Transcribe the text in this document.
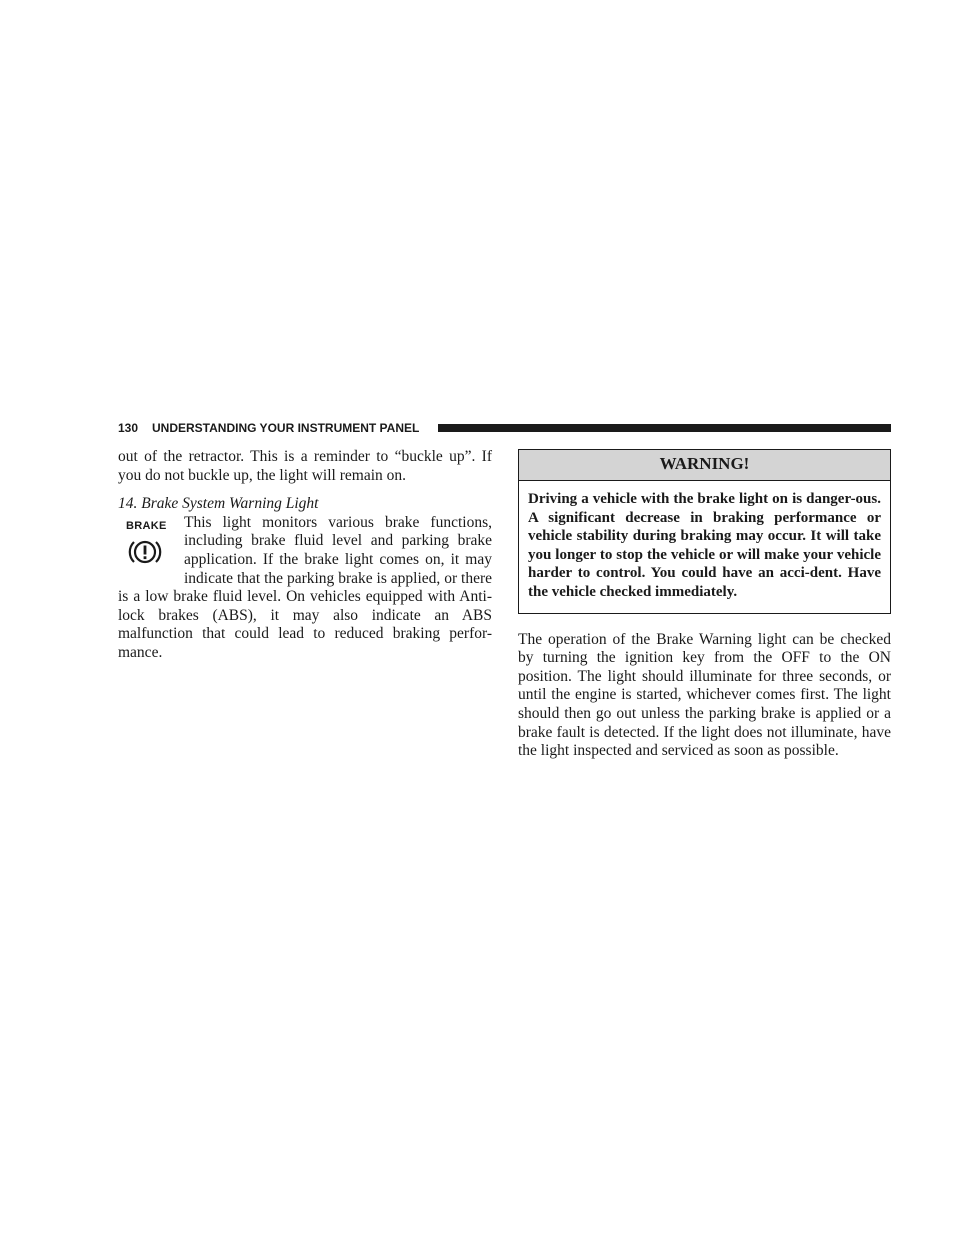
130 UNDERSTANDING YOUR INSTRUMENT PANEL

out of the retractor. This is a reminder to “buckle up”. If you do not buckle up, the light will remain on.

14. Brake System Warning Light
BRAKE	This light monitors various brake functions, including brake fluid level and parking brake application. If the brake light comes on, it may indicate that the parking brake is applied, or there is a low brake fluid level. On vehicles equipped with Anti-lock brakes (ABS), it may also indicate an ABS malfunction that could lead to reduced braking perfor-mance.

WARNING!

Driving a vehicle with the brake light on is danger-ous. A significant decrease in braking performance or vehicle stability during braking may occur. It will take you longer to stop the vehicle or will make your vehicle harder to control. You could have an acci-dent. Have the vehicle checked immediately.

The operation of the Brake Warning light can be checked by turning the ignition key from the OFF to the ON position. The light should illuminate for three seconds, or until the engine is started, whichever comes first. The light should then go out unless the parking brake is applied or a brake fault is detected. If the light does not illuminate, have the light inspected and serviced as soon as possible.
